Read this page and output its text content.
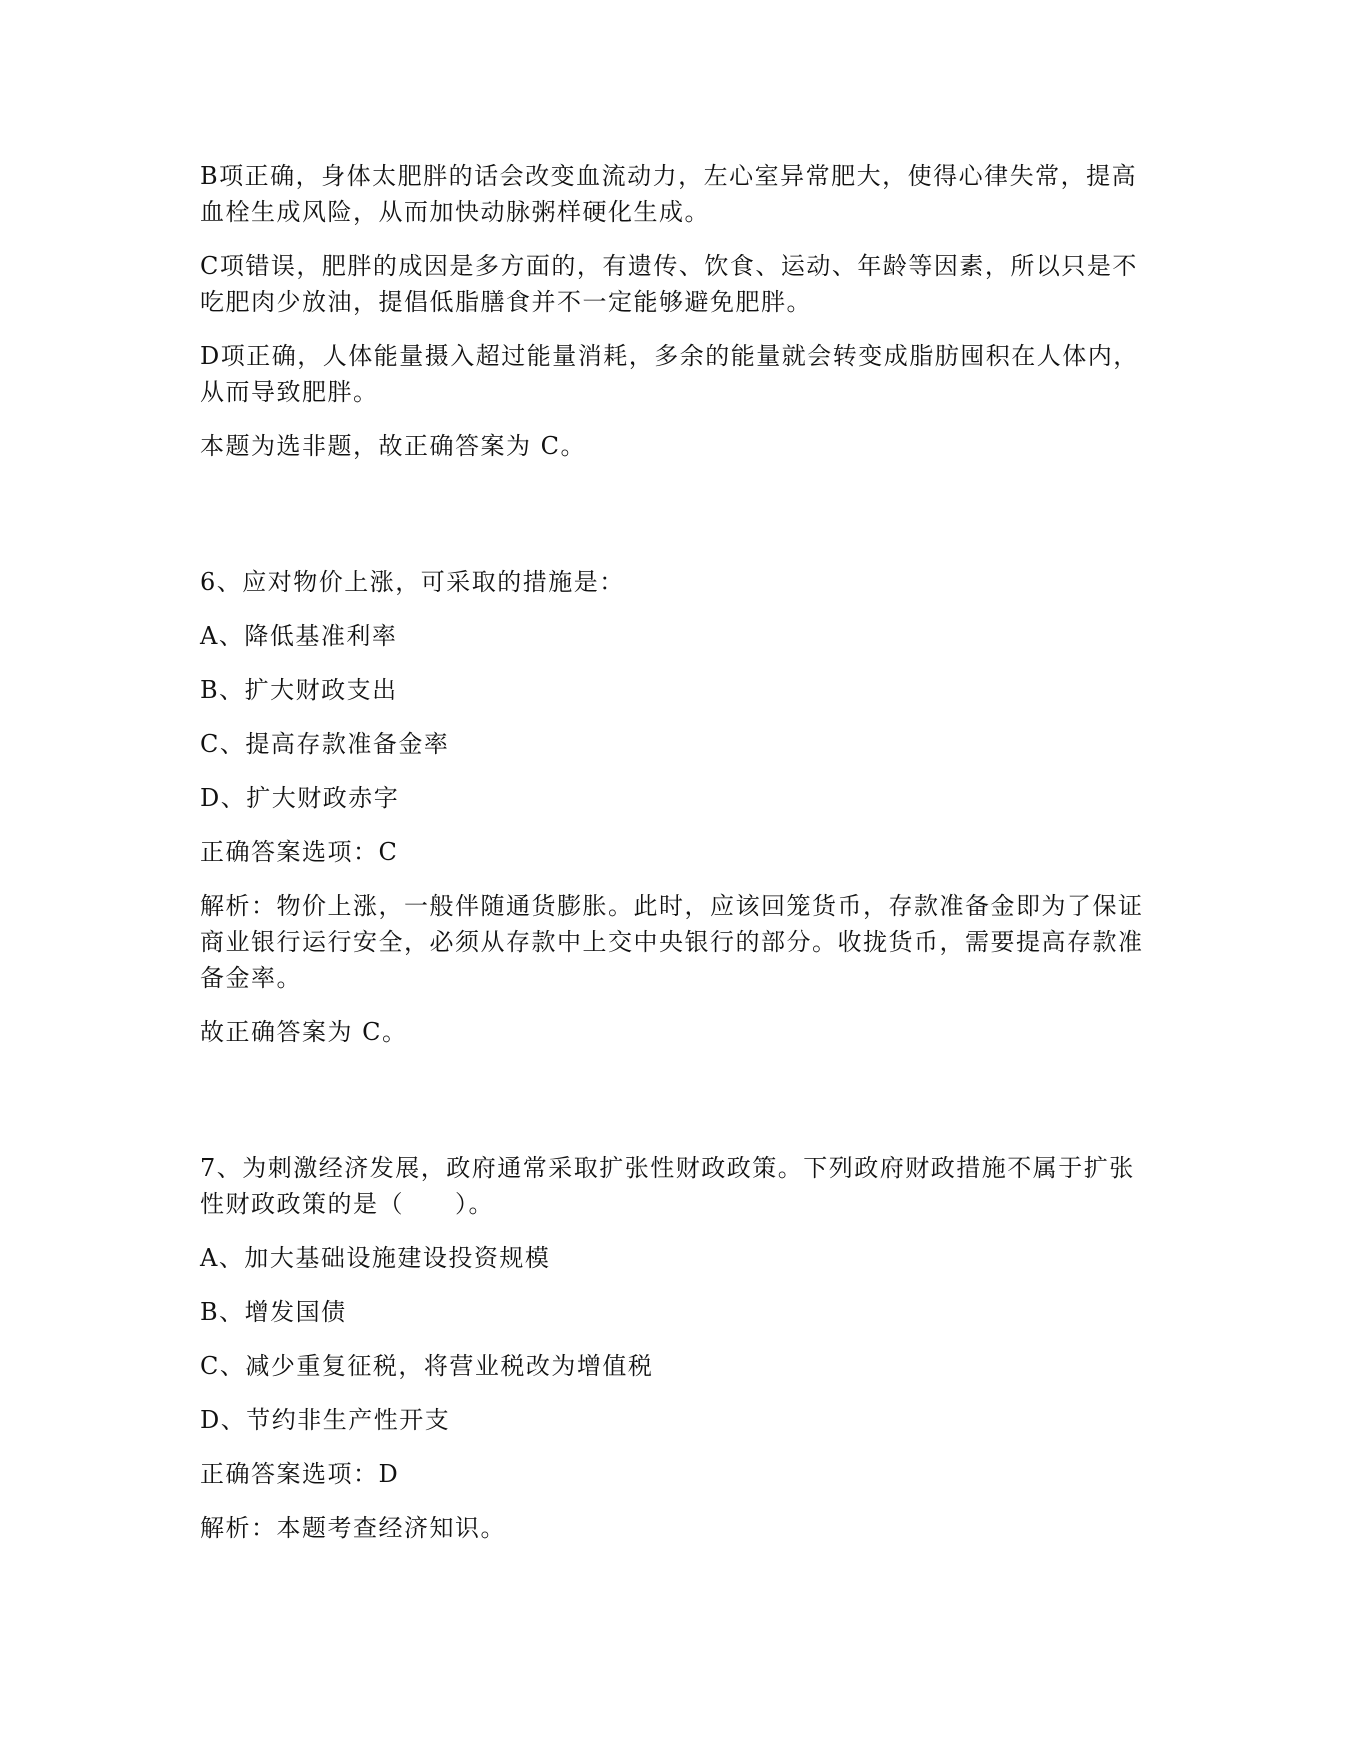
B项正确，身体太肥胖的话会改变血流动力，左心室异常肥大，使得心律失常，提高血栓生成风险，从而加快动脉粥样硬化生成。

C项错误，肥胖的成因是多方面的，有遗传、饮食、运动、年龄等因素，所以只是不吃肥肉少放油，提倡低脂膳食并不一定能够避免肥胖。

D项正确，人体能量摄入超过能量消耗，多余的能量就会转变成脂肪囤积在人体内，从而导致肥胖。

本题为选非题，故正确答案为 C。

6、应对物价上涨，可采取的措施是：

A、降低基准利率

B、扩大财政支出

C、提高存款准备金率

D、扩大财政赤字

正确答案选项：C

解析：物价上涨，一般伴随通货膨胀。此时，应该回笼货币，存款准备金即为了保证商业银行运行安全，必须从存款中上交中央银行的部分。收拢货币，需要提高存款准备金率。

故正确答案为 C。

7、为刺激经济发展，政府通常采取扩张性财政政策。下列政府财政措施不属于扩张性财政政策的是（　　）。

A、加大基础设施建设投资规模

B、增发国债

C、减少重复征税，将营业税改为增值税

D、节约非生产性开支

正确答案选项：D

解析：本题考查经济知识。
